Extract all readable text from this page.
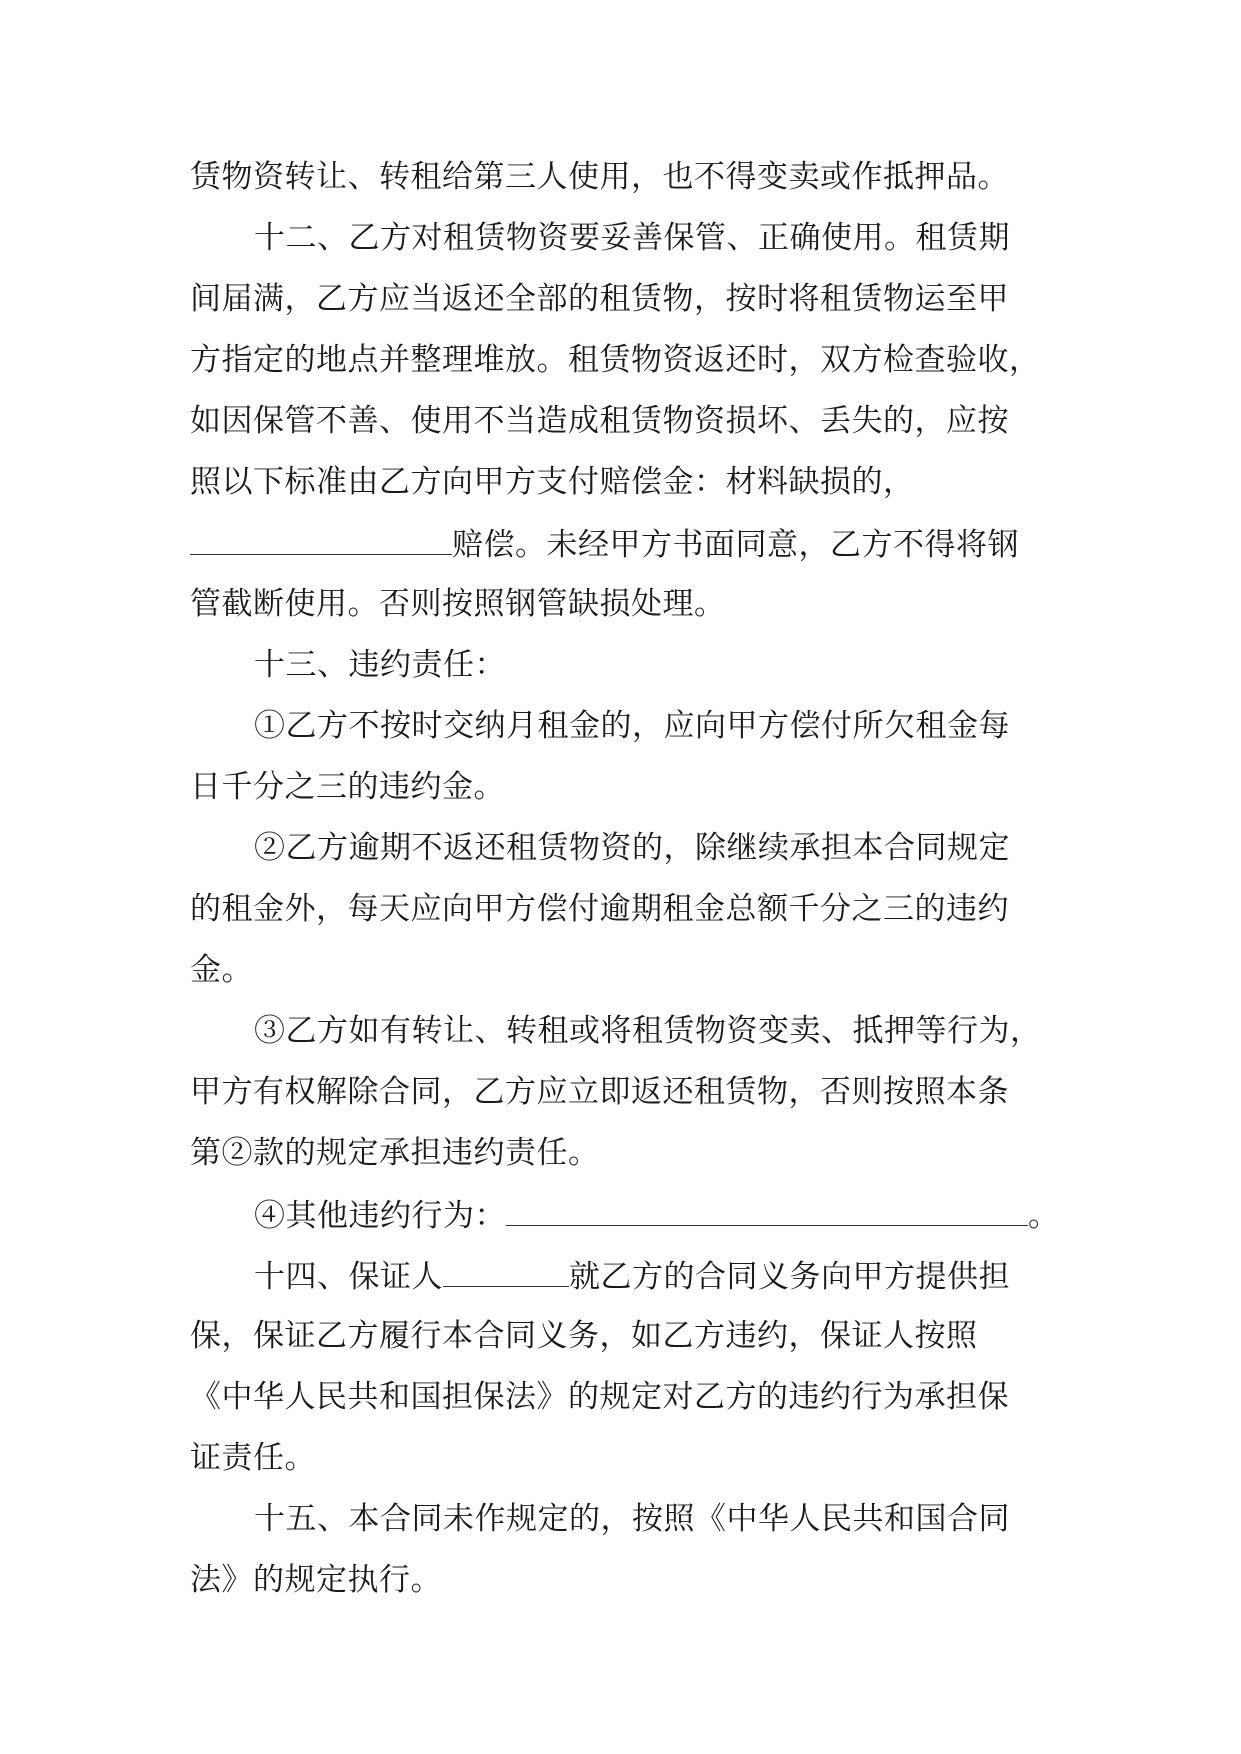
赁物资转让、转租给第三人使用，也不得变卖或作抵押品。
十二、乙方对租赁物资要妥善保管、正确使用。租赁期
间届满，乙方应当返还全部的租赁物，按时将租赁物运至甲
方指定的地点并整理堆放。租赁物资返还时，双方检查验收，
如因保管不善、使用不当造成租赁物资损坏、丢失的，应按
照以下标准由乙方向甲方支付赔偿金：材料缺损的，
赔偿。未经甲方书面同意，乙方不得将钢
管截断使用。否则按照钢管缺损处理。
十三、违约责任：
①乙方不按时交纳月租金的，应向甲方偿付所欠租金每
日千分之三的违约金。
②乙方逾期不返还租赁物资的，除继续承担本合同规定
的租金外，每天应向甲方偿付逾期租金总额千分之三的违约
金。
③乙方如有转让、转租或将租赁物资变卖、抵押等行为，
甲方有权解除合同，乙方应立即返还租赁物，否则按照本条
第②款的规定承担违约责任。
④其他违约行为：	。
十四、保证人	就乙方的合同义务向甲方提供担
保，保证乙方履行本合同义务，如乙方违约，保证人按照
《中华人民共和国担保法》的规定对乙方的违约行为承担保
证责任。
十五、本合同未作规定的，按照《中华人民共和国合同
法》的规定执行。
